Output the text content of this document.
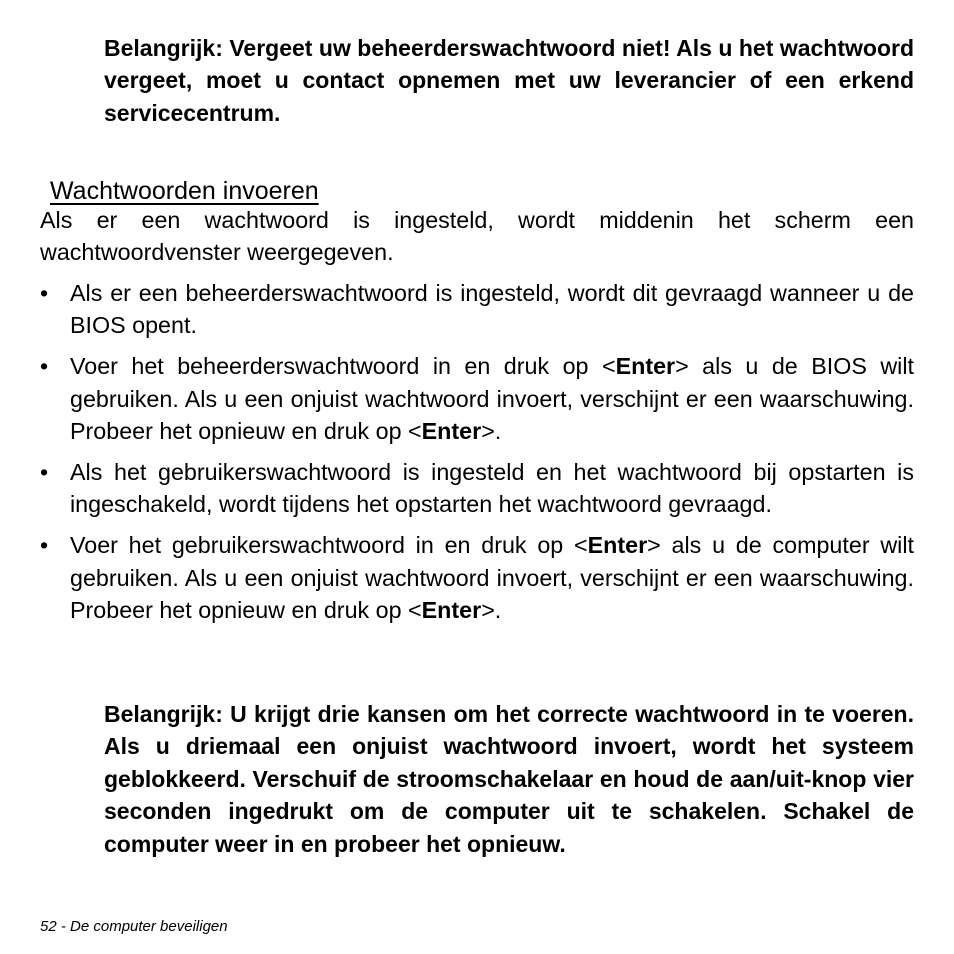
Belangrijk: Vergeet uw beheerderswachtwoord niet! Als u het wachtwoord vergeet, moet u contact opnemen met uw leverancier of een erkend servicecentrum.
Wachtwoorden invoeren

Als er een wachtwoord is ingesteld, wordt middenin het scherm een wachtwoordvenster weergegeven.

• Als er een beheerderswachtwoord is ingesteld, wordt dit gevraagd wanneer u de BIOS opent.
• Voer het beheerderswachtwoord in en druk op <Enter> als u de BIOS wilt gebruiken. Als u een onjuist wachtwoord invoert, verschijnt er een waarschuwing. Probeer het opnieuw en druk op <Enter>.
• Als het gebruikerswachtwoord is ingesteld en het wachtwoord bij opstarten is ingeschakeld, wordt tijdens het opstarten het wachtwoord gevraagd.
• Voer het gebruikerswachtwoord in en druk op <Enter> als u de computer wilt gebruiken. Als u een onjuist wachtwoord invoert, verschijnt er een waarschuwing. Probeer het opnieuw en druk op <Enter>.
Belangrijk: U krijgt drie kansen om het correcte wachtwoord in te voeren. Als u driemaal een onjuist wachtwoord invoert, wordt het systeem geblokkeerd. Verschuif de stroomschakelaar en houd de aan/uit-knop vier seconden ingedrukt om de computer uit te schakelen. Schakel de computer weer in en probeer het opnieuw.
52 - De computer beveiligen
